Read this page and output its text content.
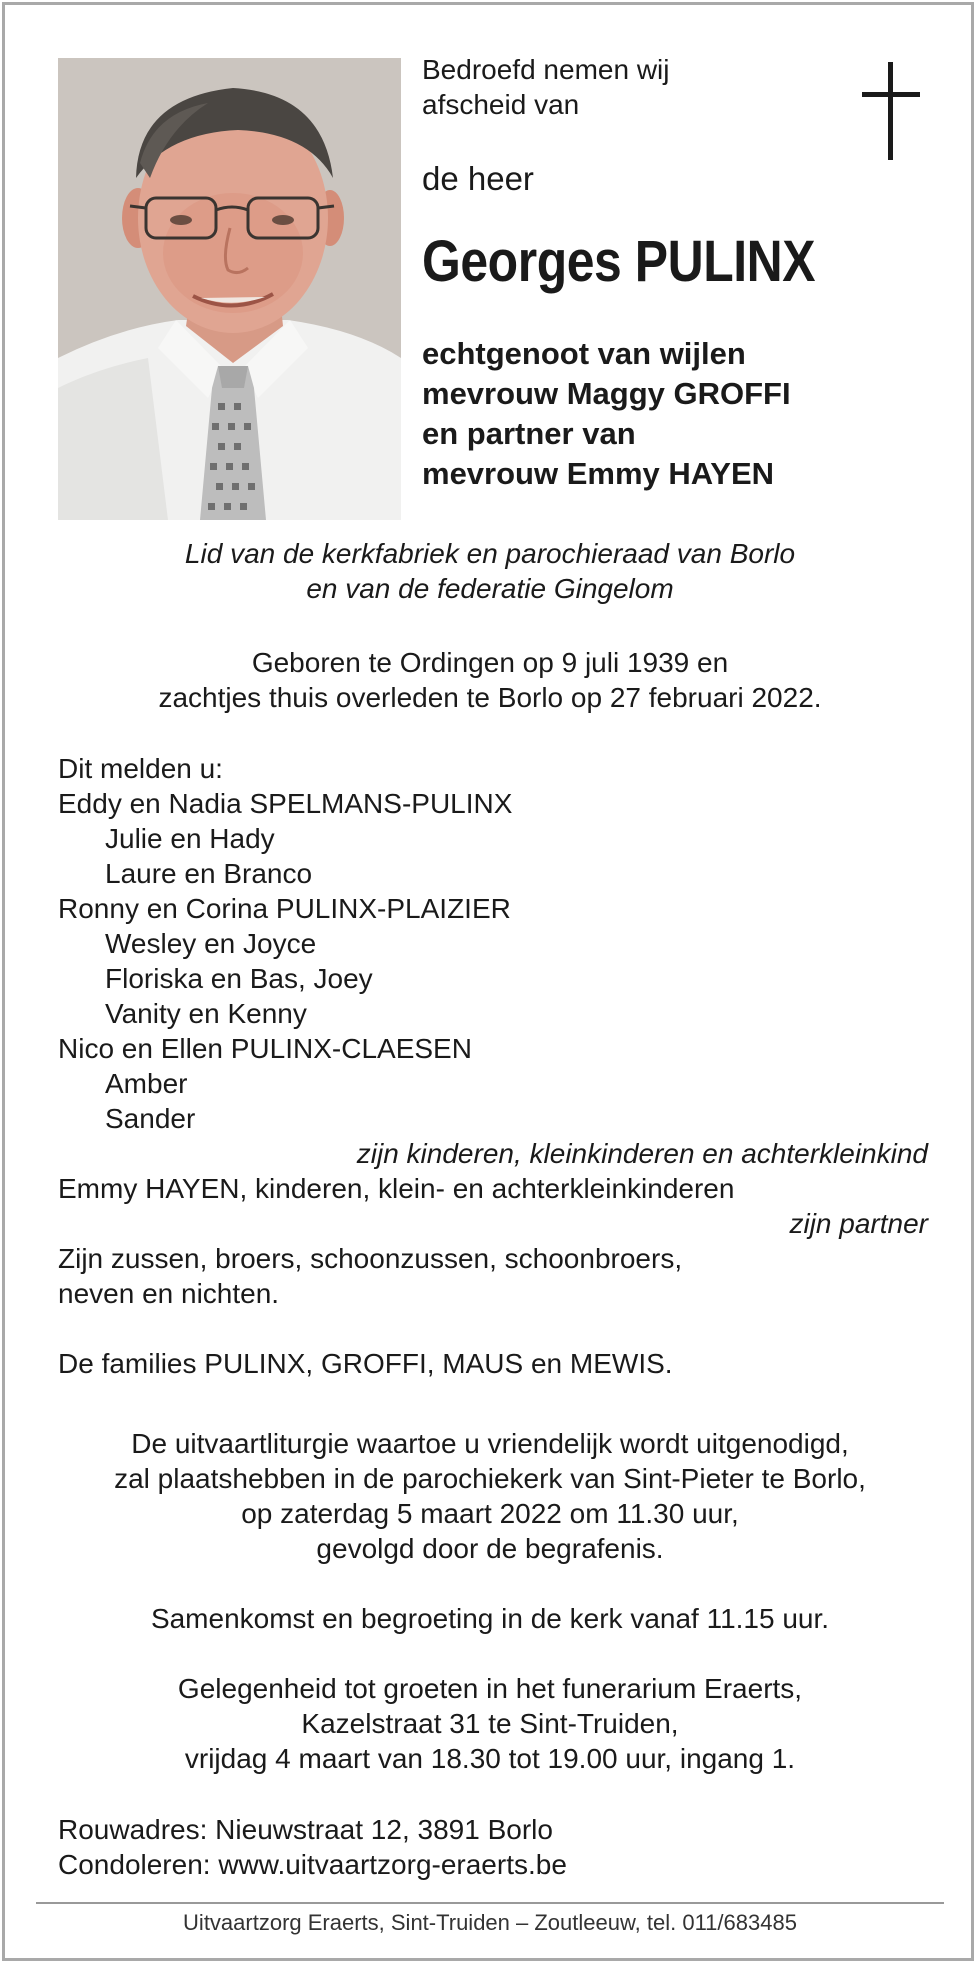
Bedroefd nemen wij
afscheid van
de heer
Georges PULINX
echtgenoot van wijlen
mevrouw Maggy GROFFI
en partner van
mevrouw Emmy HAYEN
Lid van de kerkfabriek en parochieraad van Borlo
en van de federatie Gingelom
Geboren te Ordingen op 9 juli 1939 en
zachtjes thuis overleden te Borlo op 27 februari 2022.
Dit melden u:
Eddy en Nadia SPELMANS-PULINX
Julie en Hady
Laure en Branco
Ronny en Corina PULINX-PLAIZIER
Wesley en Joyce
Floriska en Bas, Joey
Vanity en Kenny
Nico en Ellen PULINX-CLAESEN
Amber
Sander
zijn kinderen, kleinkinderen en achterkleinkind
Emmy HAYEN, kinderen, klein- en achterkleinkinderen
zijn partner
Zijn zussen, broers, schoonzussen, schoonbroers,
neven en nichten.
De families PULINX, GROFFI, MAUS en MEWIS.
De uitvaartliturgie waartoe u vriendelijk wordt uitgenodigd,
zal plaatshebben in de parochiekerk van Sint-Pieter te Borlo,
op zaterdag 5 maart 2022 om 11.30 uur,
gevolgd door de begrafenis.
Samenkomst en begroeting in de kerk vanaf 11.15 uur.
Gelegenheid tot groeten in het funerarium Eraerts,
Kazelstraat 31 te Sint-Truiden,
vrijdag 4 maart van 18.30 tot 19.00 uur, ingang 1.
Rouwadres: Nieuwstraat 12, 3891 Borlo
Condoleren: www.uitvaartzorg-eraerts.be
Uitvaartzorg Eraerts, Sint-Truiden – Zoutleeuw, tel. 011/683485
